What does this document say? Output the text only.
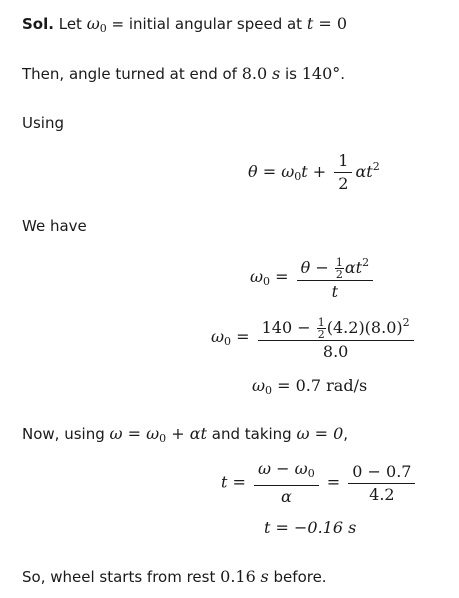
Sol. Let $\omega_0$ = initial angular speed at t = 0
Then, angle turned at end of 8.0 s is 140°.
Using
$\theta = \omega_0t + \frac{1}{2} \alpha t^2$
We have
$\omega_0 = \frac{\theta - \frac{1}{2} \alpha t^2}{t}$
$\omega_0 = \frac{140 - \frac{1}{2} (4.2)(8.0)^2}{8.0}$
$\omega_0 = 0.7$ rad/s
Now, using $\omega = \omega_0 + \alpha t$ and taking ω = 0,
$t = \frac{\omega - \omega_0}{\alpha} = \frac{0 - 0.7}{4.2}$
t = −0.16 s
So, wheel starts from rest 0.16 s before.
